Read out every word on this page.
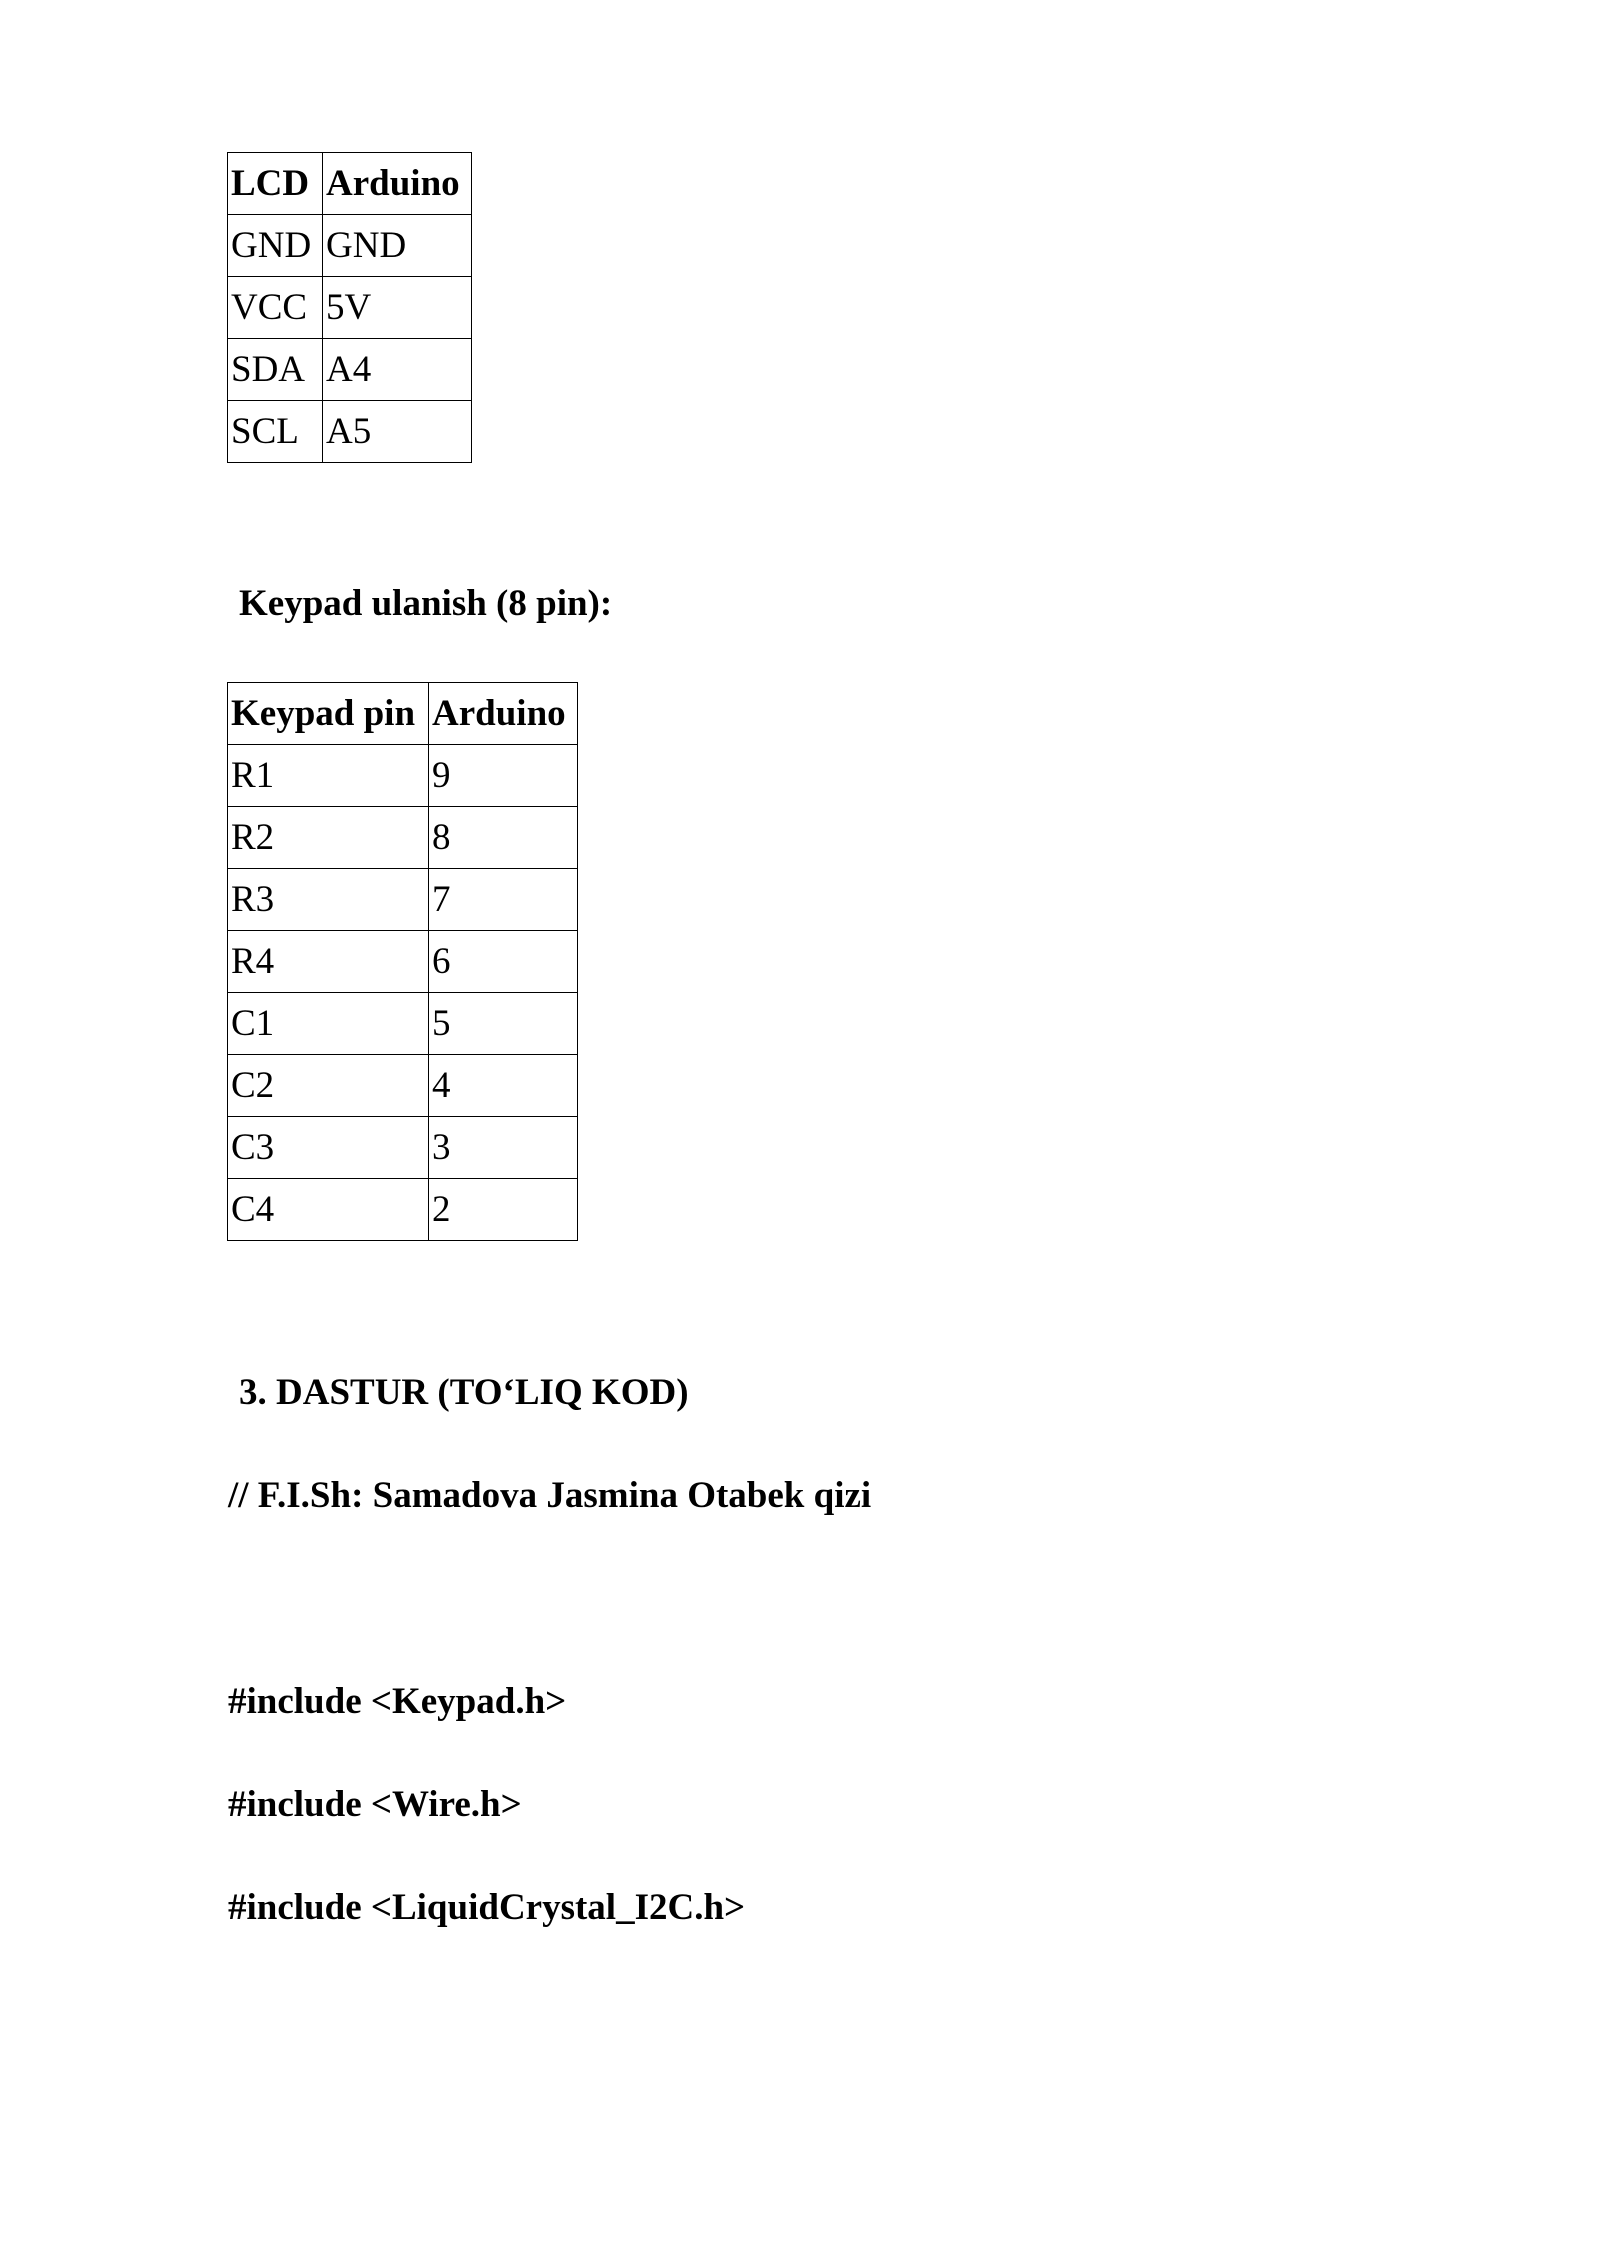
LCD	Arduino
GND	GND
VCC	5V
SDA	A4
SCL	A5
Keypad ulanish (8 pin):
Keypad pin	Arduino
R1	9
R2	8
R3	7
R4	6
C1	5
C2	4
C3	3
C4	2
3. DASTUR (TO‘LIQ KOD)
// F.I.Sh: Samadova Jasmina Otabek qizi
#include <Keypad.h>
#include <Wire.h>
#include <LiquidCrystal_I2C.h>
